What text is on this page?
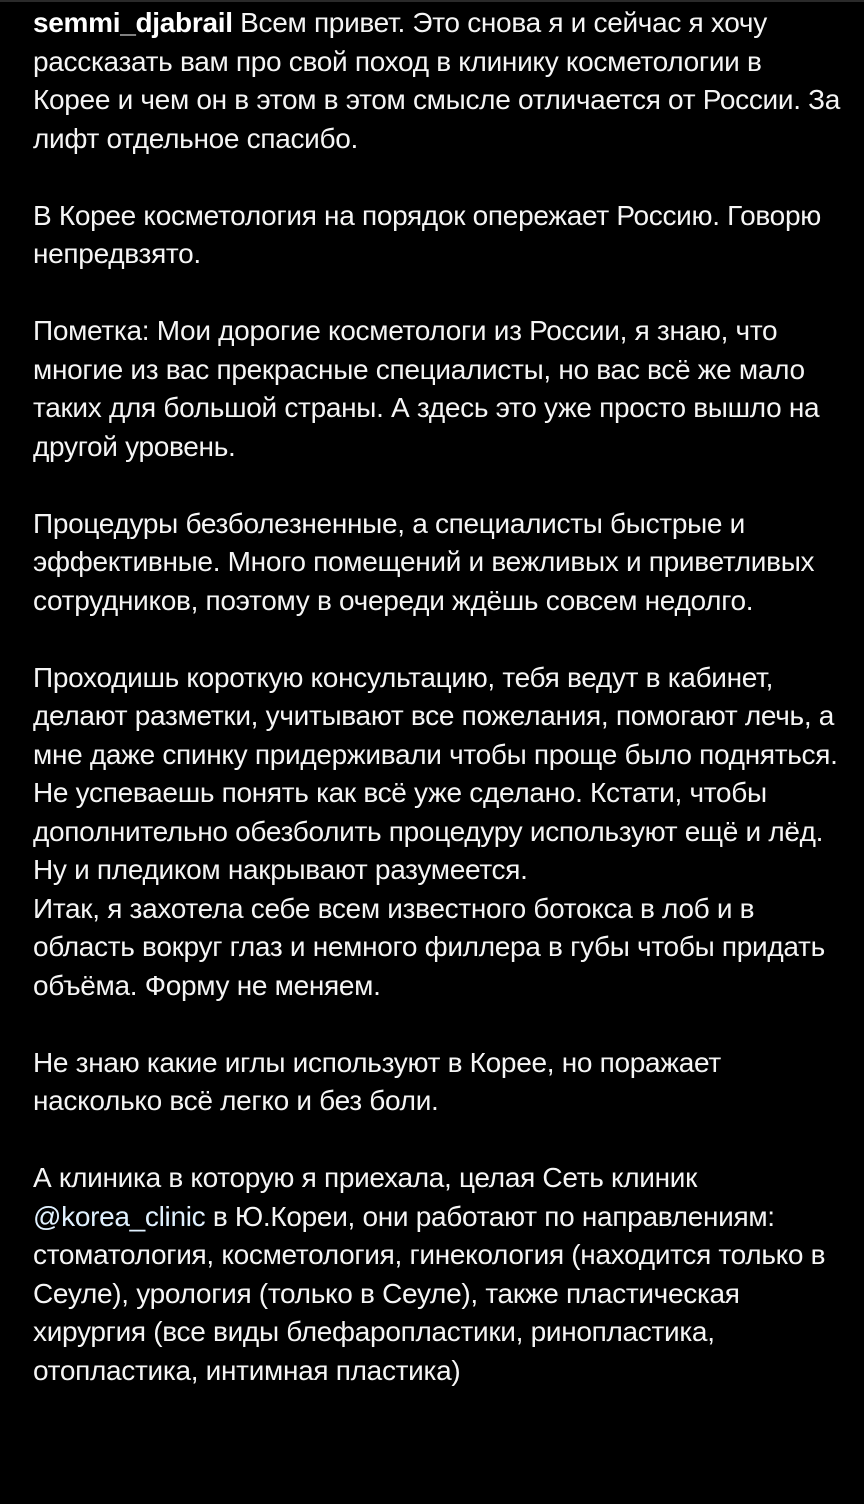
semmi_djabrail Всем привет. Это снова я и сейчас я хочу рассказать вам про свой поход в клинику косметологии в Корее и чем он в этом в этом смысле отличается от России. За лифт отдельное спасибо.

В Корее косметология на порядок опережает Россию. Говорю непредвзято.

Пометка: Мои дорогие косметологи из России, я знаю, что многие из вас прекрасные специалисты, но вас всё же мало таких для большой страны. А здесь это уже просто вышло на другой уровень.

Процедуры безболезненные, а специалисты быстрые и эффективные. Много помещений и вежливых и приветливых сотрудников, поэтому в очереди ждёшь совсем недолго.

Проходишь короткую консультацию, тебя ведут в кабинет, делают разметки, учитывают все пожелания, помогают лечь, а мне даже спинку придерживали чтобы проще было подняться. Не успеваешь понять как всё уже сделано. Кстати, чтобы дополнительно обезболить процедуру используют ещё и лёд. Ну и пледиком накрывают разумеется.

Итак, я захотела себе всем известного ботокса в лоб и в область вокруг глаз и немного филлера в губы чтобы придать объёма. Форму не меняем.

Не знаю какие иглы используют в Корее, но поражает насколько всё легко и без боли.

А клиника в которую я приехала, целая Сеть клиник @korea_clinic в Ю.Кореи, они работают по направлениям: стоматология, косметология, гинекология (находится только в Сеуле), урология (только в Сеуле), также пластическая хирургия (все виды блефаропластики, ринопластика, отопластика, интимная пластика)
